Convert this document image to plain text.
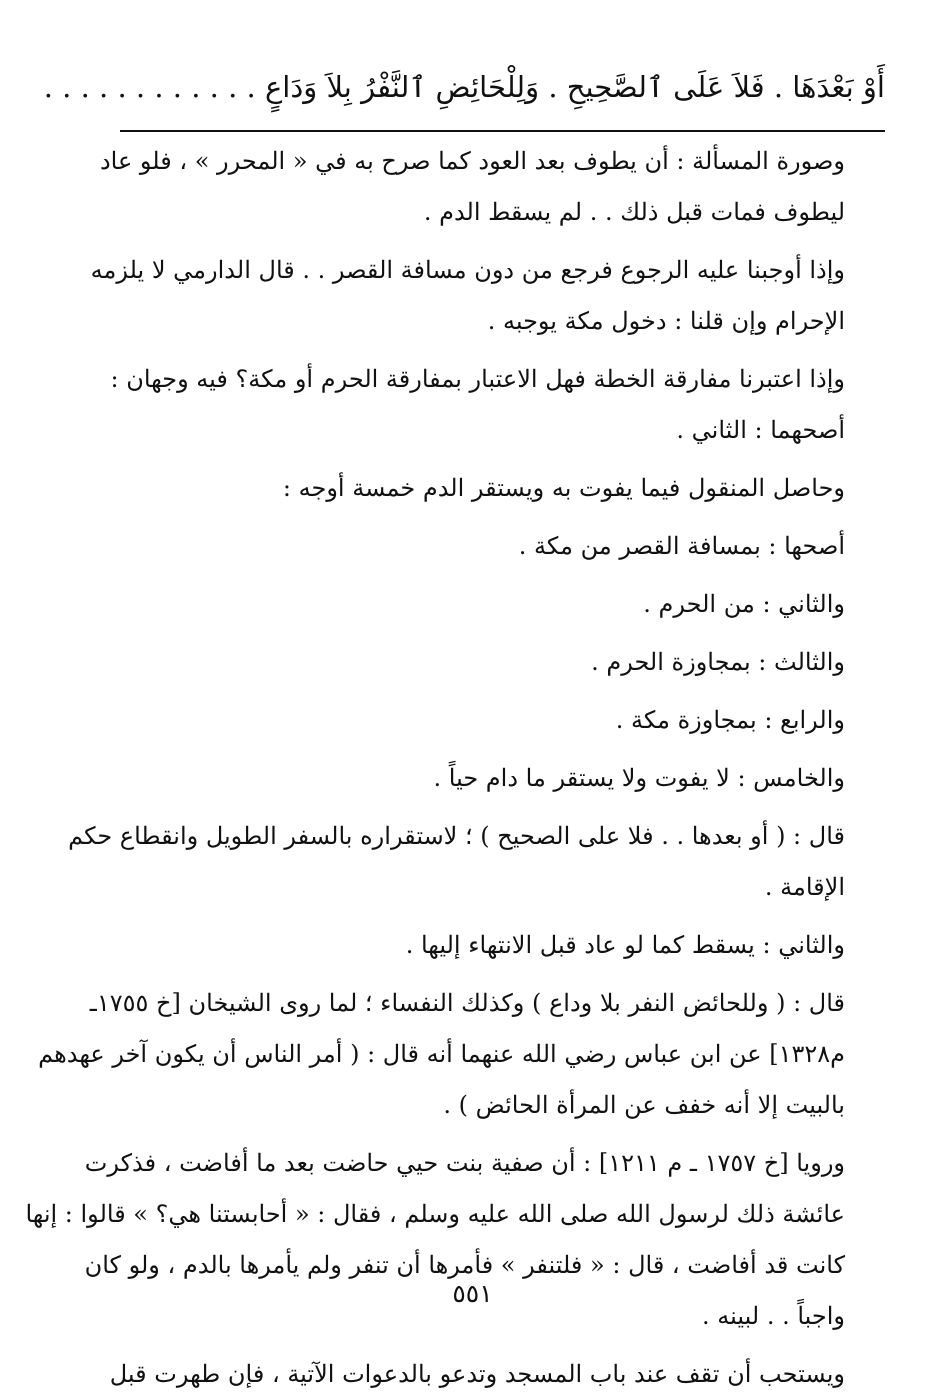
أَوْ بَعْدَهَا . فَلاَ عَلَى ٱلصَّحِيحِ . وَلِلْحَائِضِ ٱلنَّفْرُ بِلاَ وَدَاعٍ . . . . . . . . . . . .

وصورة المسألة : أن يطوف بعد العود كما صرح به في « المحرر » ، فلو عاد
ليطوف فمات قبل ذلك . . لم يسقط الدم .

وإذا أوجبنا عليه الرجوع فرجع من دون مسافة القصر . . قال الدارمي لا يلزمه
الإحرام وإن قلنا : دخول مكة يوجبه .

وإذا اعتبرنا مفارقة الخطة فهل الاعتبار بمفارقة الحرم أو مكة؟ فيه وجهان :
أصحهما : الثاني .

وحاصل المنقول فيما يفوت به ويستقر الدم خمسة أوجه :

أصحها : بمسافة القصر من مكة .

والثاني : من الحرم .

والثالث : بمجاوزة الحرم .

والرابع : بمجاوزة مكة .

والخامس : لا يفوت ولا يستقر ما دام حياً .

قال : ( أو بعدها . . فلا على الصحيح ) ؛ لاستقراره بالسفر الطويل وانقطاع حكم
الإقامة .

والثاني : يسقط كما لو عاد قبل الانتهاء إليها .

قال : ( وللحائض النفر بلا وداع ) وكذلك النفساء ؛ لما روى الشيخان [خ ١٧٥٥ـ
م١٣٢٨] عن ابن عباس رضي الله عنهما أنه قال : ( أمر الناس أن يكون آخر عهدهم
بالبيت إلا أنه خفف عن المرأة الحائض ) .

ورويا [خ ١٧٥٧ ـ م ١٢١١] : أن صفية بنت حيي حاضت بعد ما أفاضت ، فذكرت
عائشة ذلك لرسول الله صلى الله عليه وسلم ، فقال : « أحابستنا هي؟ » قالوا : إنها
كانت قد أفاضت ، قال : « فلتنفر » فأمرها أن تنفر ولم يأمرها بالدم ، ولو كان
واجباً . . لبينه .

ويستحب أن تقف عند باب المسجد وتدعو بالدعوات الآتية ، فإن طهرت قبل

٥٥١
